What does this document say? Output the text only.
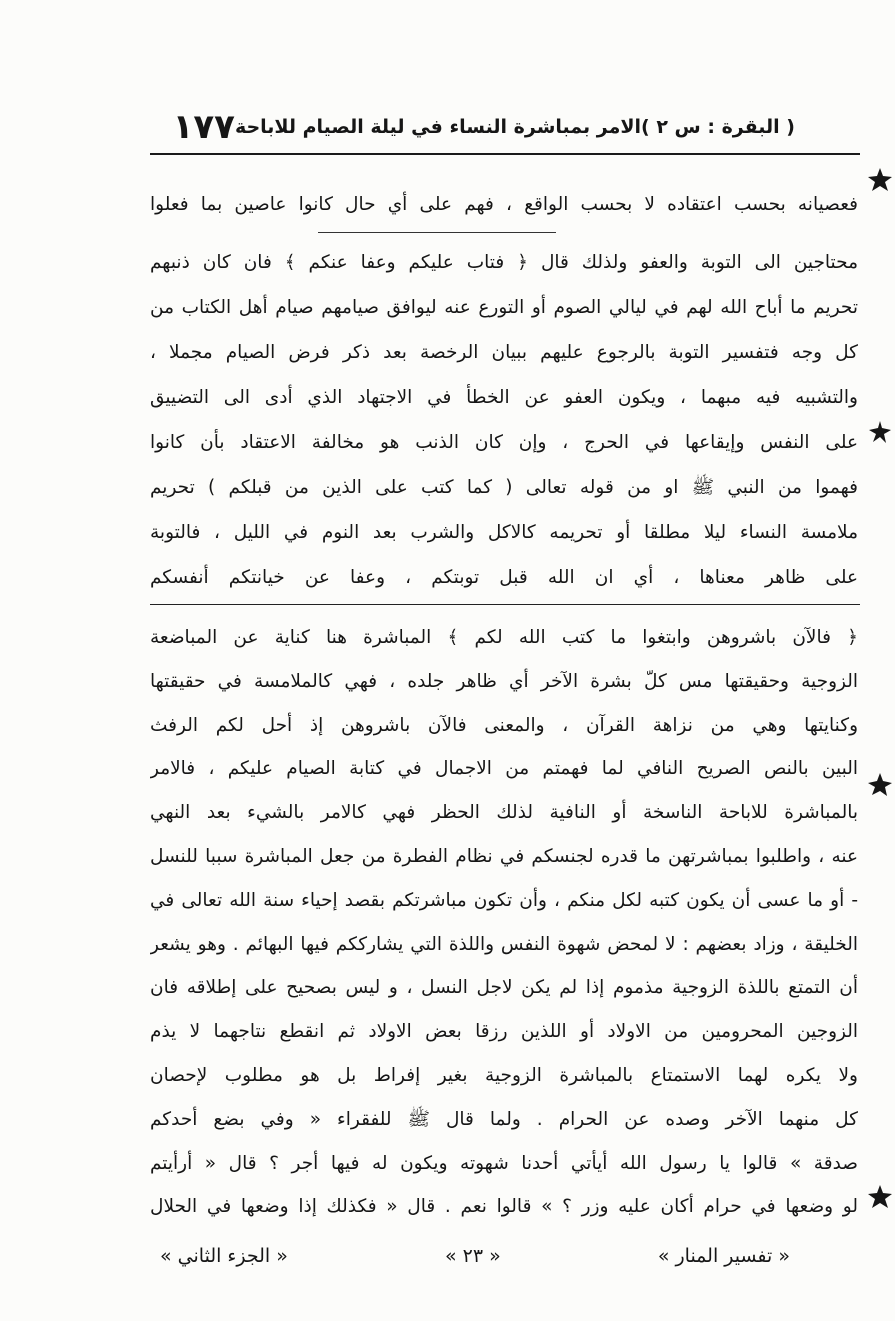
( البقرة : س ٢ )
الامر بمباشرة النساء في ليلة الصيام للاباحة
١٧٧
فعصيانه بحسب اعتقاده لا بحسب الواقع ، فهم على أي حال كانوا عاصين بما فعلوا
محتاجين الى التوبة والعفو ولذلك قال ﴿ فتاب عليكم وعفا عنكم ﴾ فان كان ذنبهم
تحريم ما أباح الله لهم في ليالي الصوم أو التورع عنه ليوافق صيامهم صيام أهل الكتاب من
كل وجه فتفسير التوبة بالرجوع عليهم ببيان الرخصة بعد ذكر فرض الصيام مجملا ،
والتشبيه فيه مبهما ، ويكون العفو عن الخطأ في الاجتهاد الذي أدى الى التضييق
على النفس وإيقاعها في الحرج ، وإن كان الذنب هو مخالفة الاعتقاد بأن كانوا
فهموا من النبي ﷺ او من قوله تعالى ( كما كتب على الذين من قبلكم ) تحريم
ملامسة النساء ليلا مطلقا أو تحريمه كالاكل والشرب بعد النوم في الليل ، فالتوبة
على ظاهر معناها ، أي ان الله قبل توبتكم ، وعفا عن خيانتكم أنفسكم
﴿ فالآن باشروهن وابتغوا ما كتب الله لكم ﴾ المباشرة هنا كناية عن المباضعة
الزوجية وحقيقتها مس كلّ بشرة الآخر أي ظاهر جلده ، فهي كالملامسة في حقيقتها
وكنايتها وهي من نزاهة القرآن ، والمعنى فالآن باشروهن إذ أحل لكم الرفث
البين بالنص الصريح النافي لما فهمتم من الاجمال في كتابة الصيام عليكم ، فالامر
بالمباشرة للاباحة الناسخة أو النافية لذلك الحظر فهي كالامر بالشيء بعد النهي
عنه ، واطلبوا بمباشرتهن ما قدره لجنسكم في نظام الفطرة من جعل المباشرة سببا للنسل
- أو ما عسى أن يكون كتبه لكل منكم ، وأن تكون مباشرتكم بقصد إحياء سنة الله تعالى في
الخليقة ، وزاد بعضهم : لا لمحض شهوة النفس واللذة التي يشارككم فيها البهائم . وهو يشعر
أن التمتع باللذة الزوجية مذموم إذا لم يكن لاجل النسل ، و ليس بصحيح على إطلاقه فان
الزوجين المحرومين من الاولاد أو اللذين رزقا بعض الاولاد ثم انقطع نتاجهما لا يذم
ولا يكره لهما الاستمتاع بالمباشرة الزوجية بغير إفراط بل هو مطلوب لإحصان
كل منهما الآخر وصده عن الحرام . ولما قال ﷺ للفقراء « وفي بضع أحدكم
صدقة » قالوا يا رسول الله أيأتي أحدنا شهوته ويكون له فيها أجر ؟ قال « أرأيتم
لو وضعها في حرام أكان عليه وزر ؟ » قالوا نعم . قال « فكذلك إذا وضعها في الحلال
« تفسير المنار »
« ٢٣ »
« الجزء الثاني »
